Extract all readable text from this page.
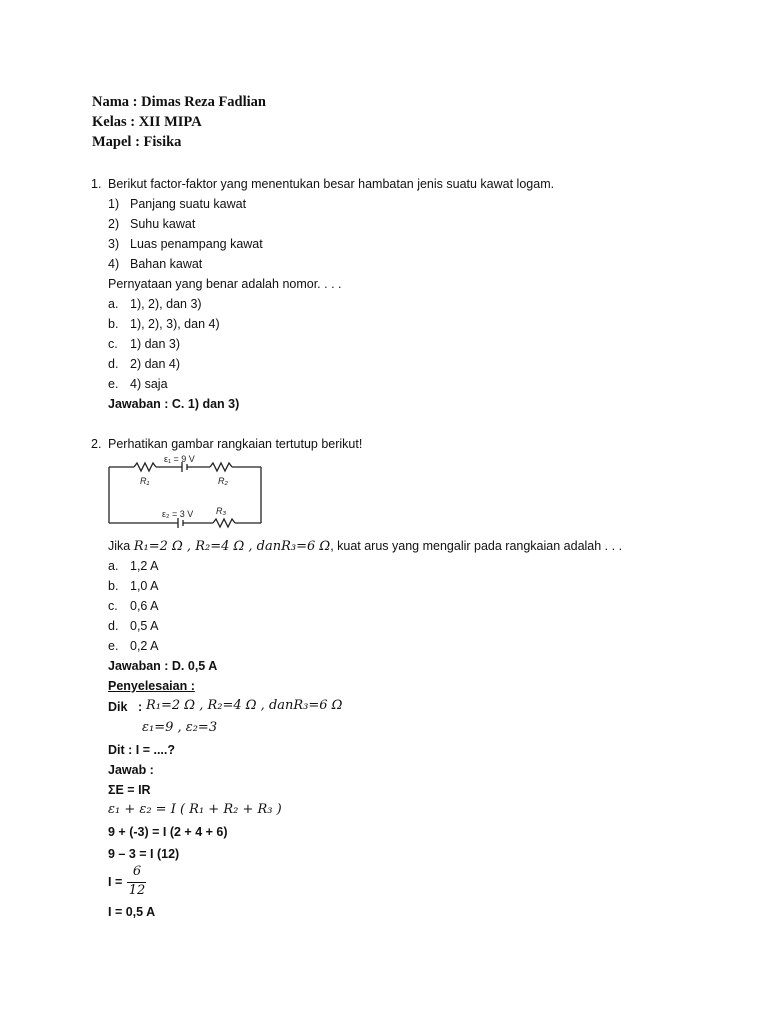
Nama : Dimas Reza Fadlian
Kelas : XII MIPA
Mapel : Fisika
1. Berikut factor-faktor yang menentukan besar hambatan jenis suatu kawat logam.
1) Panjang suatu kawat
2) Suhu kawat
3) Luas penampang kawat
4) Bahan kawat
Pernyataan yang benar adalah nomor. . . .
a. 1), 2), dan 3)
b. 1), 2), 3), dan 4)
c. 1) dan 3)
d. 2) dan 4)
e. 4) saja
Jawaban : C. 1) dan 3)
2. Perhatikan gambar rangkaian tertutup berikut!
ε₁ = 9 V
R₁	R₂
ε₂ = 3 V	R₃
Jika R₁=2 Ω , R₂=4 Ω , danR₃=6 Ω, kuat arus yang mengalir pada rangkaian adalah . . .
a. 1,2 A
b. 1,0 A
c. 0,6 A
d. 0,5 A
e. 0,2 A
Jawaban : D. 0,5 A
Penyelesaian :
Dik : R₁=2 Ω , R₂=4 Ω , danR₃=6 Ω
ε₁=9 , ε₂=3
Dit : I = ....?
Jawab :
ΣE = IR
ε₁ + ε₂ = I ( R₁ + R₂ + R₃ )
9 + (-3) = I (2 + 4 + 6)
9 – 3 = I (12)
I =
6
12
I = 0,5 A
